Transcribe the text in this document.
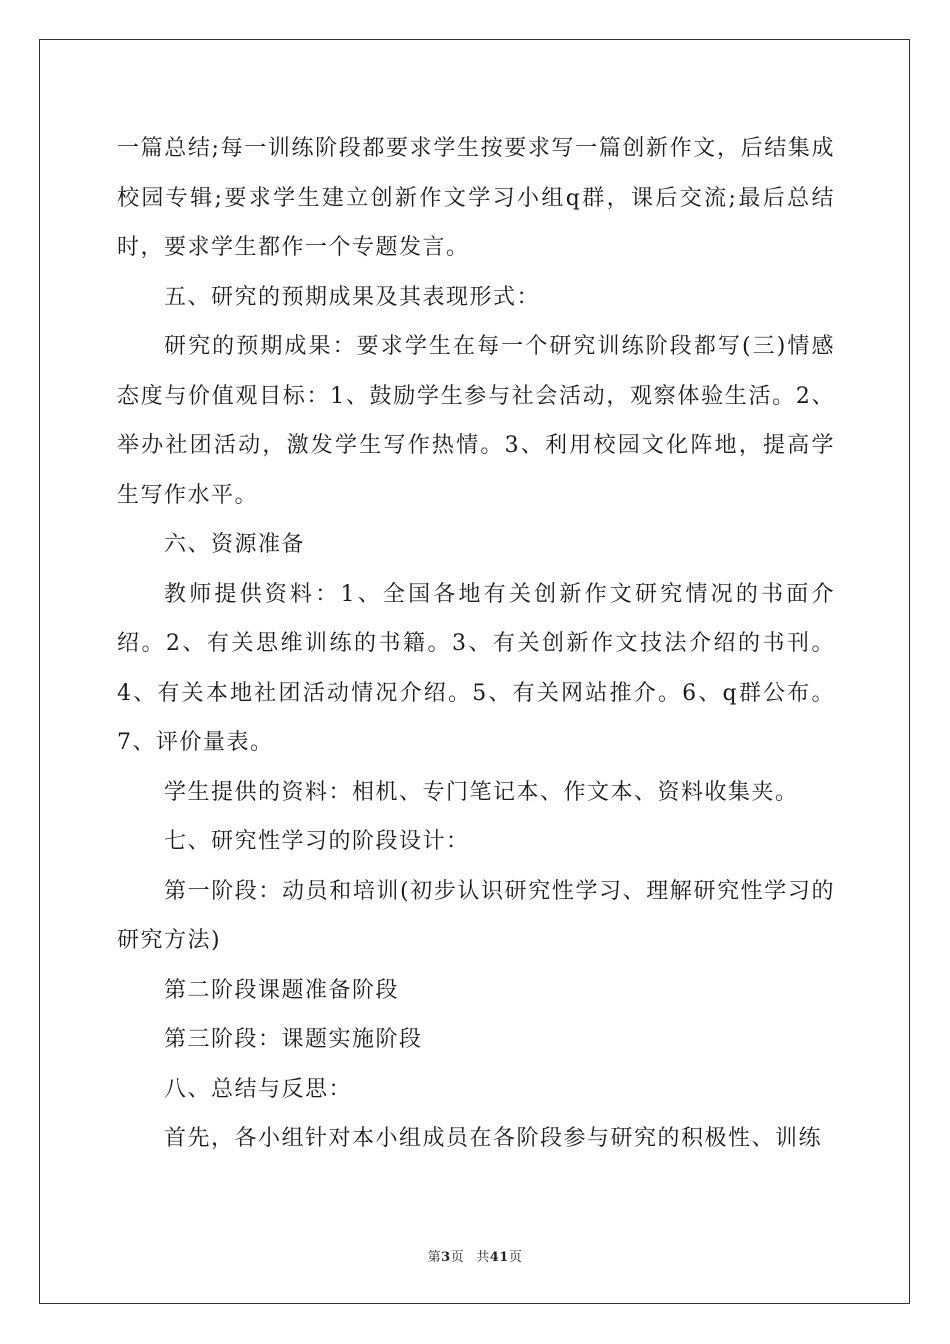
一篇总结;每一训练阶段都要求学生按要求写一篇创新作文，后结集成校园专辑;要求学生建立创新作文学习小组q群，课后交流;最后总结时，要求学生都作一个专题发言。

五、研究的预期成果及其表现形式：

研究的预期成果：要求学生在每一个研究训练阶段都写(三)情感态度与价值观目标：1、鼓励学生参与社会活动，观察体验生活。2、举办社团活动，激发学生写作热情。3、利用校园文化阵地，提高学生写作水平。

六、资源准备

教师提供资料：1、全国各地有关创新作文研究情况的书面介绍。2、有关思维训练的书籍。3、有关创新作文技法介绍的书刊。4、有关本地社团活动情况介绍。5、有关网站推介。6、q群公布。7、评价量表。

学生提供的资料：相机、专门笔记本、作文本、资料收集夹。

七、研究性学习的阶段设计：

第一阶段：动员和培训(初步认识研究性学习、理解研究性学习的研究方法)

第二阶段课题准备阶段

第三阶段：课题实施阶段

八、总结与反思：

首先，各小组针对本小组成员在各阶段参与研究的积极性、训练

第3页 共41页
